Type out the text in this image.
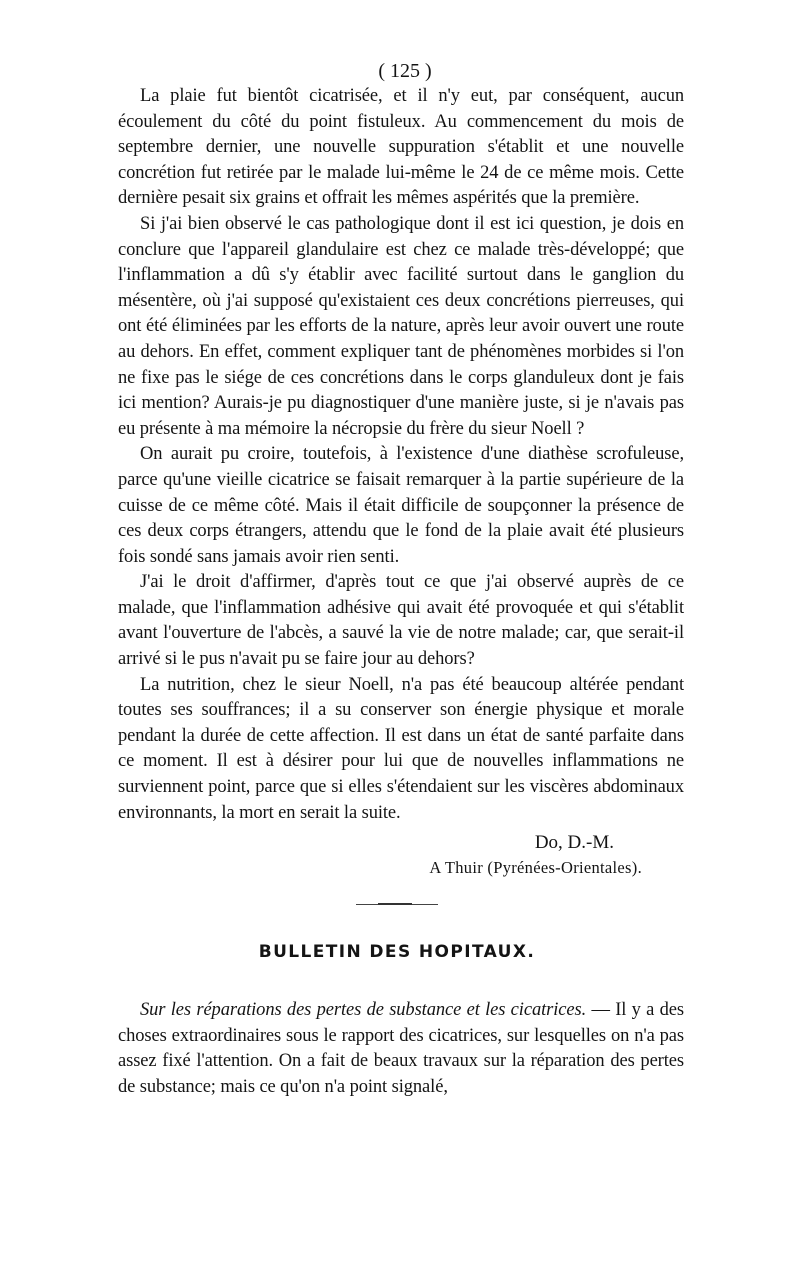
( 125 )

La plaie fut bientôt cicatrisée, et il n'y eut, par conséquent, aucun écoulement du côté du point fistuleux. Au commencement du mois de septembre dernier, une nouvelle suppuration s'établit et une nouvelle concrétion fut retirée par le malade lui-même le 24 de ce même mois. Cette dernière pesait six grains et offrait les mêmes aspérités que la première.

Si j'ai bien observé le cas pathologique dont il est ici question, je dois en conclure que l'appareil glandulaire est chez ce malade très-développé; que l'inflammation a dû s'y établir avec facilité surtout dans le ganglion du mésentère, où j'ai supposé qu'existaient ces deux concrétions pierreuses, qui ont été éliminées par les efforts de la nature, après leur avoir ouvert une route au dehors. En effet, comment expliquer tant de phénomènes morbides si l'on ne fixe pas le siége de ces concrétions dans le corps glanduleux dont je fais ici mention? Aurais-je pu diagnostiquer d'une manière juste, si je n'avais pas eu présente à ma mémoire la nécropsie du frère du sieur Noell ?

On aurait pu croire, toutefois, à l'existence d'une diathèse scrofuleuse, parce qu'une vieille cicatrice se faisait remarquer à la partie supérieure de la cuisse de ce même côté. Mais il était difficile de soupçonner la présence de ces deux corps étrangers, attendu que le fond de la plaie avait été plusieurs fois sondé sans jamais avoir rien senti.

J'ai le droit d'affirmer, d'après tout ce que j'ai observé auprès de ce malade, que l'inflammation adhésive qui avait été provoquée et qui s'établit avant l'ouverture de l'abcès, a sauvé la vie de notre malade; car, que serait-il arrivé si le pus n'avait pu se faire jour au dehors?

La nutrition, chez le sieur Noell, n'a pas été beaucoup altérée pendant toutes ses souffrances; il a su conserver son énergie physique et morale pendant la durée de cette affection. Il est dans un état de santé parfaite dans ce moment. Il est à désirer pour lui que de nouvelles inflammations ne surviennent point, parce que si elles s'étendaient sur les viscères abdominaux environnants, la mort en serait la suite.

Do, D.-M.
A Thuir (Pyrénées-Orientales).
BULLETIN DES HOPITAUX.

Sur les réparations des pertes de substance et les cicatrices. — Il y a des choses extraordinaires sous le rapport des cicatrices, sur lesquelles on n'a pas assez fixé l'attention. On a fait de beaux travaux sur la réparation des pertes de substance; mais ce qu'on n'a point signalé,
